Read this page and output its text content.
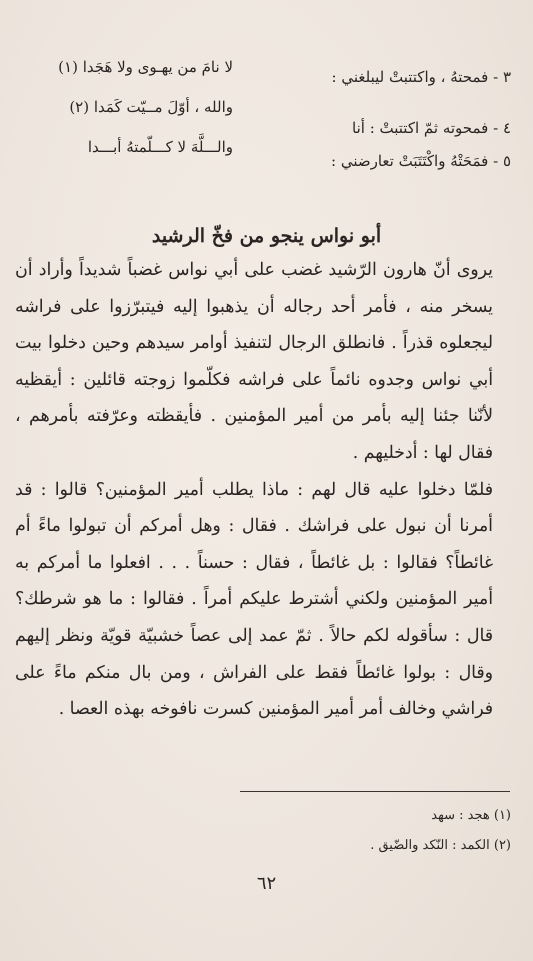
٣ - فمحتهُ ، واكتتبتْ ليبلغني :
٤ - فمحوته ثمّ اكتتبتْ : أنا
٥ - فمَحَتْهُ واكْتَتَبَتْ تعارضني :
لا نامَ من يهـوى ولا هَجَدا (١)
والله ، أوّلَ مــيّت كَمَدا (٢)
والـــلَّهَ لا كـــلّمتهُ أبـــدا
أبو نواس ينجو من فخّ الرشيد

يروى أنّ هارون الرّشيد غضب على أبي نواس غضباً شديداً وأراد أن يسخر منه ، فأمر أحد رجاله أن يذهبوا إليه فيتبرّزوا على فراشه ليجعلوه قذراً . فانطلق الرجال لتنفيذ أوامر سيدهم وحين دخلوا بيت أبي نواس وجدوه نائماً على فراشه فكلّموا زوجته قائلين : أيقظيه لأنّنا جئنا إليه بأمر من أمير المؤمنين . فأيقظته وعرّفته بأمرهم ، فقال لها : أدخليهم .

فلمّا دخلوا عليه قال لهم : ماذا يطلب أمير المؤمنين؟ قالوا : قد أمرنا أن نبول على فراشك . فقال : وهل أمركم أن تبولوا ماءً أم غائطاً؟ فقالوا : بل غائطاً ، فقال : حسناً . . . افعلوا ما أمركم به أمير المؤمنين ولكني أشترط عليكم أمراً . فقالوا : ما هو شرطك؟ قال : سأقوله لكم حالاً . ثمّ عمد إلى عصاً خشبيّة قويّة ونظر إليهم وقال : بولوا غائطاً فقط على الفراش ، ومن بال منكم ماءً على فراشي وخالف أمر أمير المؤمنين كسرت نافوخه بهذه العصا .

(١) هجد : سهد
(٢) الكمد : النّكد والضّيق .
٦٢
